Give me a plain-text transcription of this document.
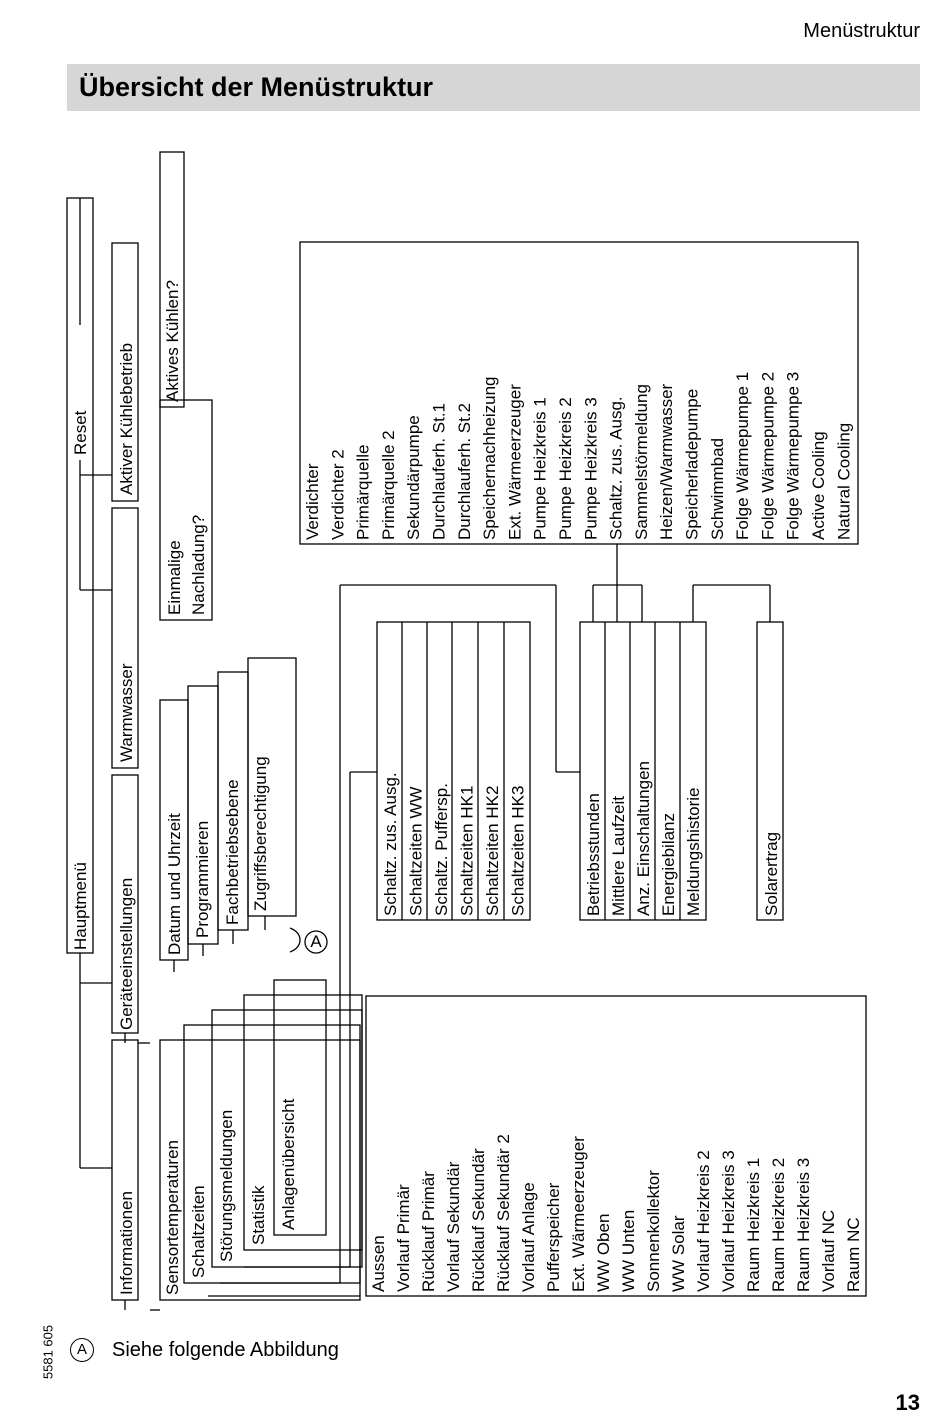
Menüstruktur
Übersicht der Menüstruktur
Hauptmenü
Informationen
Geräteeinstellungen
Warmwasser
Aktiver Kühlebetrieb
Reset
Sensortemperaturen Schaltzeiten Störungsmeldungen Statistik Anlagenübersicht
Datum und Uhrzeit Programmieren Fachbetriebsebene Zugriffsberechtigung
Einmalige Nachladung?
Aktives Kühlen?
A
Aussen Vorlauf Primär Rücklauf Primär Vorlauf Sekundär Rücklauf Sekundär Rücklauf Sekundär 2 Vorlauf Anlage Pufferspeicher Ext. Wärmeerzeuger WW Oben WW Unten Sonnenkollektor WW Solar Vorlauf Heizkreis 2 Vorlauf Heizkreis 3 Raum Heizkreis 1 Raum Heizkreis 2 Raum Heizkreis 3 Vorlauf NC Raum NC
Schaltz. zus. Ausg. Schaltzeiten WW Schaltz. Puffersp. Schaltzeiten HK1 Schaltzeiten HK2 Schaltzeiten HK3	Betriebsstunden Mittlere Laufzeit Anz. Einschaltungen Energiebilanz Meldungshistorie	Solarertrag
Verdichter Verdichter 2 Primärquelle Primärquelle 2 Sekundärpumpe Durchlauferh. St.1 Durchlauferh. St.2 Speichernachheizung Ext. Wärmeerzeuger Pumpe Heizkreis 1 Pumpe Heizkreis 2 Pumpe Heizkreis 3 Schaltz. zus. Ausg. Sammelstörmeldung Heizen/Warmwasser Speicherladepumpe Schwimmbad Folge Wärmepumpe 1 Folge Wärmepumpe 2 Folge Wärmepumpe 3 Active Cooling Natural Cooling
A	Siehe folgende Abbildung
5581 605
13
